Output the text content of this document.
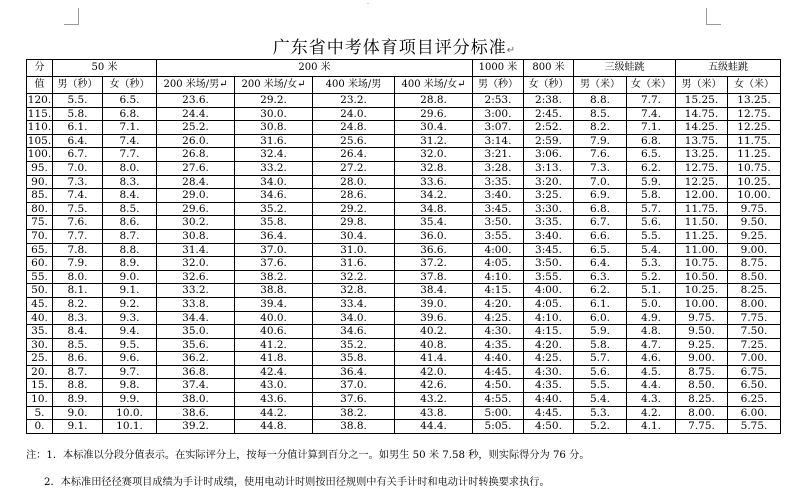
-
广东省中考体育项目评分标准↵
分	50 米		200 米				1000 米	800 米	三级蛙跳		五级蛙跳	
值	男（秒）	女（秒）	200 米场/男↵	200 米场/女↵	400 米场/男	400 米场/女↵	男（秒）	女（秒）	男（米）	女（米）	男（米）	女（米）
120.	5.5.	6.5.	23.6.	29.2.	23.2.	28.8.	2:53.	2:38.	8.8.	7.7.	15.25.	13.25.
115.	5.8.	6.8.	24.4.	30.0.	24.0.	29.6.	3:00.	2:45.	8.5.	7.4.	14.75.	12.75.
110.	6.1.	7.1.	25.2.	30.8.	24.8.	30.4.	3:07.	2:52.	8.2.	7.1.	14.25.	12.25.
105.	6.4.	7.4.	26.0.	31.6.	25.6.	31.2.	3:14.	2:59.	7.9.	6.8.	13.75.	11.75.
100.	6.7.	7.7.	26.8.	32.4.	26.4.	32.0.	3:21.	3:06.	7.6.	6.5.	13.25.	11.25.
95.	7.0.	8.0.	27.6.	33.2.	27.2.	32.8.	3:28.	3:13.	7.3.	6.2.	12.75.	10.75.
90.	7.3.	8.3.	28.4.	34.0.	28.0.	33.6.	3:35.	3:20.	7.0.	5.9.	12.25.	10.25.
85.	7.4.	8.4.	29.0.	34.6.	28.6.	34.2.	3:40.	3:25.	6.9.	5.8.	12.00.	10.00.
80.	7.5.	8.5.	29.6.	35.2.	29.2.	34.8.	3:45.	3:30.	6.8.	5.7.	11.75.	9.75.
75.	7.6.	8.6.	30.2.	35.8.	29.8.	35.4.	3:50.	3:35.	6.7.	5.6.	11.50.	9.50.
70.	7.7.	8.7.	30.8.	36.4.	30.4.	36.0.	3:55.	3:40.	6.6.	5.5.	11.25.	9.25.
65.	7.8.	8.8.	31.4.	37.0.	31.0.	36.6.	4:00.	3:45.	6.5.	5.4.	11.00.	9.00.
60.	7.9.	8.9.	32.0.	37.6.	31.6.	37.2.	4:05.	3:50.	6.4.	5.3.	10.75.	8.75.
55.	8.0.	9.0.	32.6.	38.2.	32.2.	37.8.	4:10.	3:55.	6.3.	5.2.	10.50.	8.50.
50.	8.1.	9.1.	33.2.	38.8.	32.8.	38.4.	4:15.	4:00.	6.2.	5.1.	10.25.	8.25.
45.	8.2.	9.2.	33.8.	39.4.	33.4.	39.0.	4:20.	4:05.	6.1.	5.0.	10.00.	8.00.
40.	8.3.	9.3.	34.4.	40.0.	34.0.	39.6.	4:25.	4:10.	6.0.	4.9.	9.75.	7.75.
35.	8.4.	9.4.	35.0.	40.6.	34.6.	40.2.	4:30.	4:15.	5.9.	4.8.	9.50.	7.50.
30.	8.5.	9.5.	35.6.	41.2.	35.2.	40.8.	4:35.	4:20.	5.8.	4.7.	9.25.	7.25.
25.	8.6.	9.6.	36.2.	41.8.	35.8.	41.4.	4:40.	4:25.	5.7.	4.6.	9.00.	7.00.
20.	8.7.	9.7.	36.8.	42.4.	36.4.	42.0.	4:45.	4:30.	5.6.	4.5.	8.75.	6.75.
15.	8.8.	9.8.	37.4.	43.0.	37.0.	42.6.	4:50.	4:35.	5.5.	4.4.	8.50.	6.50.
10.	8.9.	9.9.	38.0.	43.6.	37.6.	43.2.	4:55.	4:40.	5.4.	4.3.	8.25.	6.25.
5.	9.0.	10.0.	38.6.	44.2.	38.2.	43.8.	5:00.	4:45.	5.3.	4.2.	8.00.	6.00.
0.	9.1.	10.1.	39.2.	44.8.	38.8.	44.4.	5:05.	4:50.	5.2.	4.1.	7.75.	5.75.
注：1．本标准以分段分值表示。在实际评分上，按每一分值计算到百分之一。如男生 50 米 7.58 秒，则实际得分为 76 分。
2．本标准田径径赛项目成绩为手计时成绩，使用电动计时则按田径规则中有关手计时和电动计时转换要求执行。
